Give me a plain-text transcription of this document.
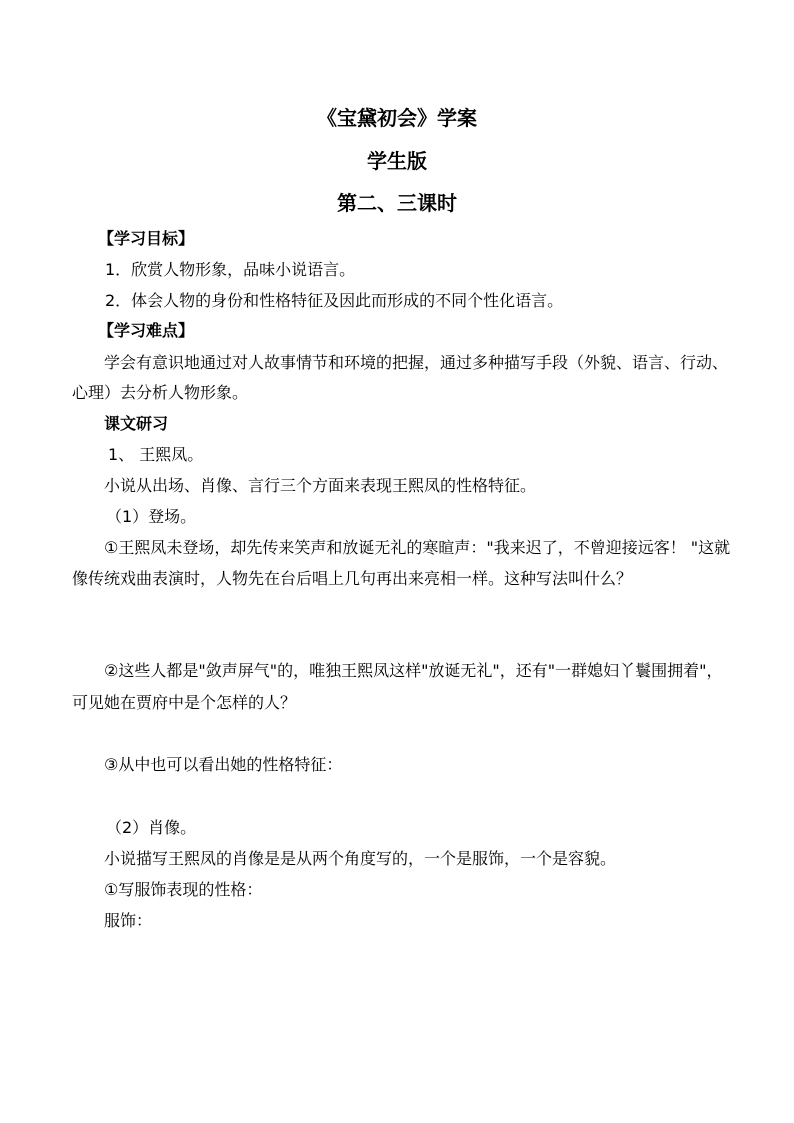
《宝黛初会》学案
学生版
第二、三课时
【学习目标】
1．欣赏人物形象，品味小说语言。
2．体会人物的身份和性格特征及因此而形成的不同个性化语言。
【学习难点】
学会有意识地通过对人故事情节和环境的把握，通过多种描写手段（外貌、语言、行动、
心理）去分析人物形象。
课文研习
1、 王熙凤。
小说从出场、肖像、言行三个方面来表现王熙凤的性格特征。
（1）登场。
①王熙凤未登场，却先传来笑声和放诞无礼的寒暄声："我来迟了，不曾迎接远客！ "这就
像传统戏曲表演时，人物先在台后唱上几句再出来亮相一样。这种写法叫什么？
②这些人都是"敛声屏气"的，唯独王熙凤这样"放诞无礼"，还有"一群媳妇丫鬟围拥着"，
可见她在贾府中是个怎样的人？
③从中也可以看出她的性格特征：
（2）肖像。
小说描写王熙凤的肖像是是从两个角度写的，一个是服饰，一个是容貌。
①写服饰表现的性格：
服饰：
